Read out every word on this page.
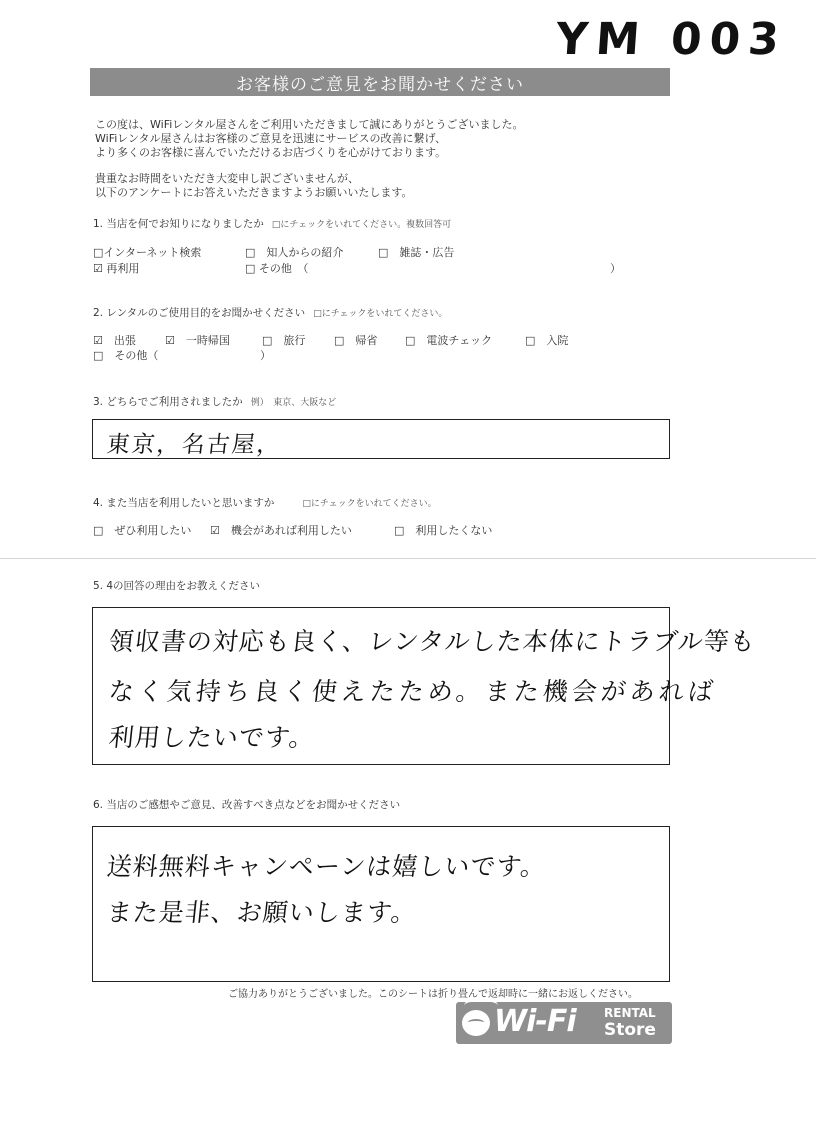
YM 003
お客様のご意見をお聞かせください
この度は、WiFiレンタル屋さんをご利用いただきまして誠にありがとうございました。
WiFiレンタル屋さんはお客様のご意見を迅速にサービスの改善に繋げ、
より多くのお客様に喜んでいただけるお店づくりを心がけております。
貴重なお時間をいただき大変申し訳ございませんが、
以下のアンケートにお答えいただきますようお願いいたします。
1. 当店を何でお知りになりましたか □にチェックをいれてください。複数回答可
□インターネット検索	□　知人からの紹介	□　雑誌・広告
☑ 再利用	□ その他　（	）
2. レンタルのご使用目的をお聞かせください □にチェックをいれてください。
☑　出張	☑　一時帰国	□　旅行	□　帰省	□　電波チェック	□　入院
□　その他（	）
3. どちらでご利用されましたか 例）　東京、大阪など
東京，名古屋，
4. また当店を利用したいと思いますか	□にチェックをいれてください。
□　ぜひ利用したい ☑　機会があれば利用したい	□　利用したくない
5. 4の回答の理由をお教えください
領収書の対応も良く、レンタルした本体にトラブル等も
なく気持ち良く使えたため。また機会があれば
利用したいです。
6. 当店のご感想やご意見、改善すべき点などをお聞かせください
送料無料キャンペーンは嬉しいです。
また是非、お願いします。
ご協力ありがとうございました。このシートは折り畳んで返却時に一緒にお返しください。
Wi-Fi RENTAL
Store
